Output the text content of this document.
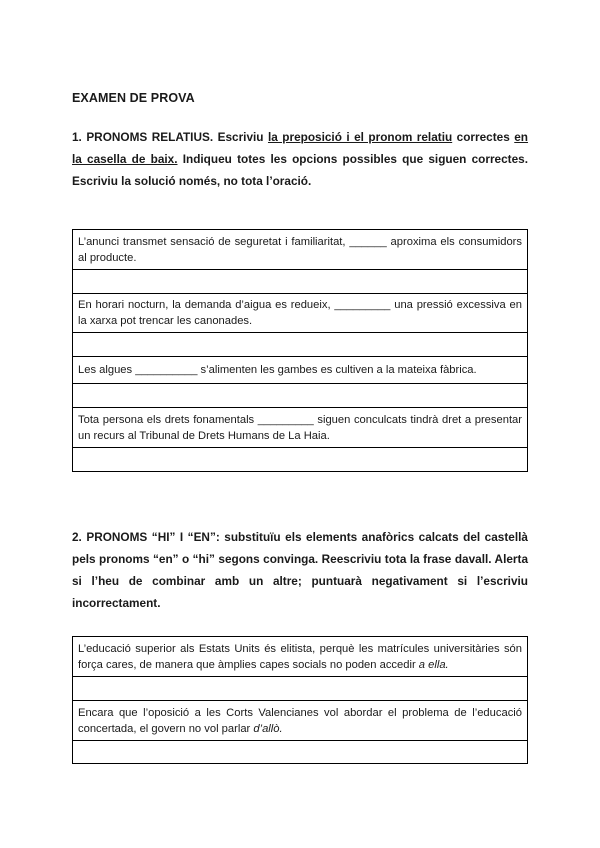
EXAMEN DE PROVA
1. PRONOMS RELATIUS. Escriviu la preposició i el pronom relatiu correctes en la casella de baix. Indiqueu totes les opcions possibles que siguen correctes. Escriviu la solució només, no tota l’oració.
L’anunci transmet sensació de seguretat i familiaritat, ______ aproxima els consumidors al producte.

En horari nocturn, la demanda d’aigua es redueix, _________ una pressió excessiva en la xarxa pot trencar les canonades.

Les algues __________ s’alimenten les gambes es cultiven a la mateixa fàbrica.

Tota persona els drets fonamentals _________ siguen conculcats tindrà dret a presentar un recurs al Tribunal de Drets Humans de La Haia.

2. PRONOMS “HI” I “EN”: substituïu els elements anafòrics calcats del castellà pels pronoms “en” o “hi” segons convinga. Reescriviu tota la frase davall. Alerta si l’heu de combinar amb un altre; puntuarà negativament si l’escriviu incorrectament.
L’educació superior als Estats Units és elitista, perquè les matrícules universitàries són força cares, de manera que àmplies capes socials no poden accedir a ella.

Encara que l’oposició a les Corts Valencianes vol abordar el problema de l’educació concertada, el govern no vol parlar d’allò.
